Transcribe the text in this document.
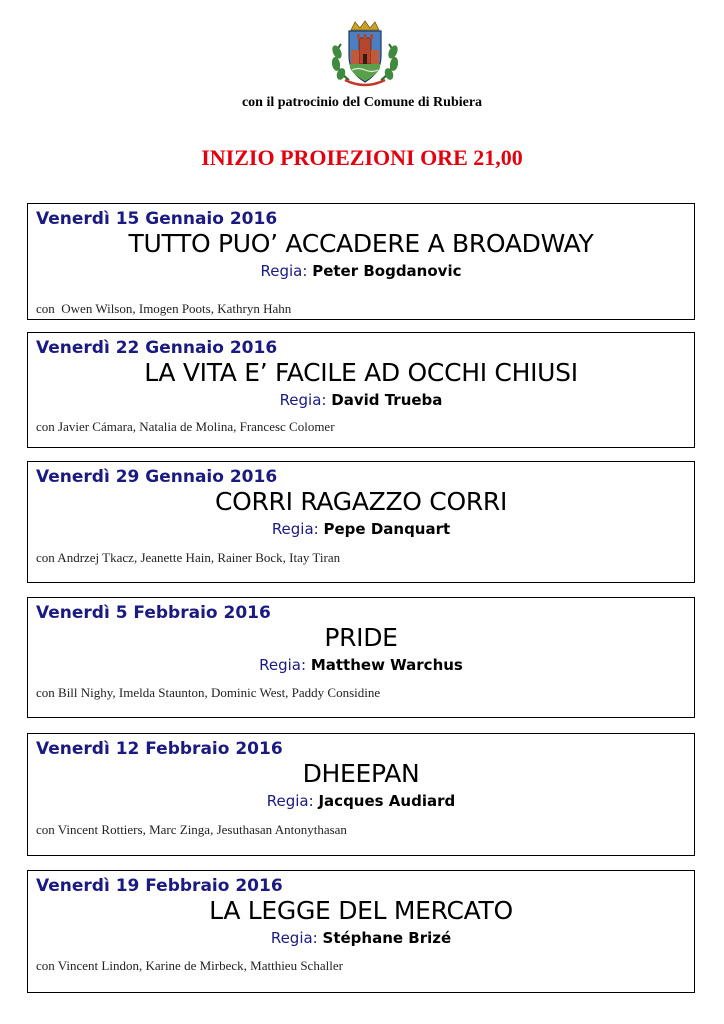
con il patrocinio del Comune di Rubiera
INIZIO PROIEZIONI ORE 21,00
Venerdì 15 Gennaio 2016
TUTTO PUO’ ACCADERE A BROADWAY
Regia: Peter Bogdanovic
con  Owen Wilson, Imogen Poots, Kathryn Hahn
Venerdì 22 Gennaio 2016
LA VITA E’ FACILE AD OCCHI CHIUSI
Regia: David Trueba
con Javier Cámara, Natalia de Molina, Francesc Colomer
Venerdì 29 Gennaio 2016
CORRI RAGAZZO CORRI
Regia: Pepe Danquart
con Andrzej Tkacz, Jeanette Hain, Rainer Bock, Itay Tiran
Venerdì 5 Febbraio 2016
PRIDE
Regia: Matthew Warchus
con Bill Nighy, Imelda Staunton, Dominic West, Paddy Considine
Venerdì 12 Febbraio 2016
DHEEPAN
Regia: Jacques Audiard
con Vincent Rottiers, Marc Zinga, Jesuthasan Antonythasan
Venerdì 19 Febbraio 2016
LA LEGGE DEL MERCATO
Regia: Stéphane Brizé
con Vincent Lindon, Karine de Mirbeck, Matthieu Schaller
